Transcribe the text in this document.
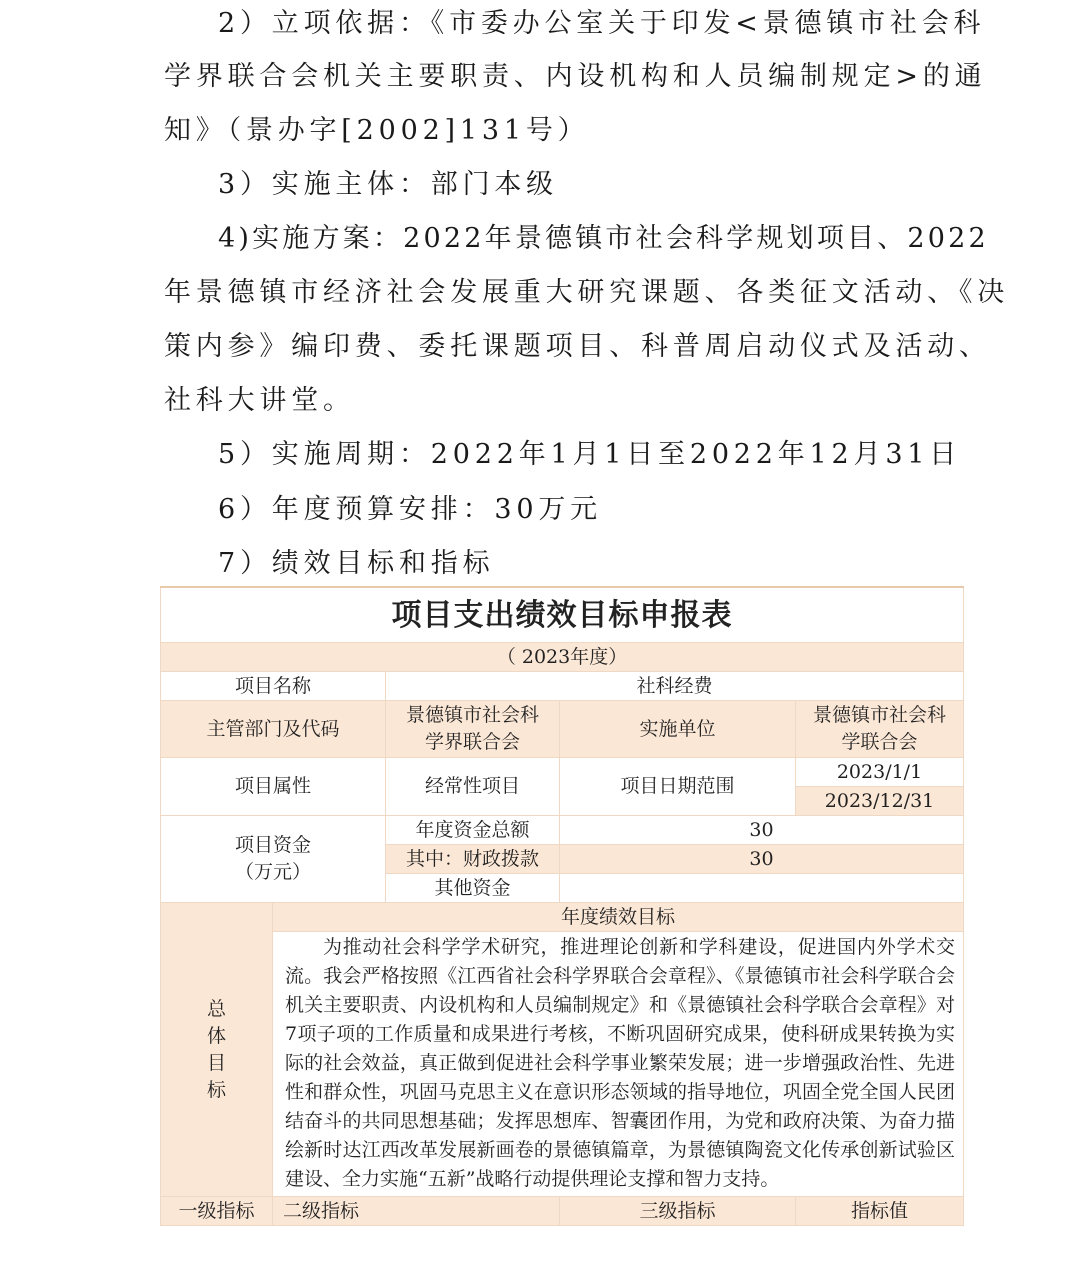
2）立项依据：《市委办公室关于印发<景德镇市社会科
学界联合会机关主要职责、内设机构和人员编制规定>的通
知》（景办字[2002]131号）
3）实施主体：部门本级
4)实施方案：2022年景德镇市社会科学规划项目、2022
年景德镇市经济社会发展重大研究课题、各类征文活动、《决
策内参》编印费、委托课题项目、科普周启动仪式及活动、
社科大讲堂。
5）实施周期：2022年1月1日至2022年12月31日
6）年度预算安排：30万元
7）绩效目标和指标
项目支出绩效目标申报表				
（ 2023年度）				
项目名称		社科经费		
主管部门及代码		景德镇市社会科学界联合会	实施单位	景德镇市社会科学联合会
项目属性		经常性项目	项目日期范围	2023/1/1
				2023/12/31

项目资金
（万元）		年度资金总额	30	
		其中：财政拨款	30	
		其他资金		

总体目标	年度绩效目标			

	为推动社会科学学术研究，推进理论创新和学科建设，促进国内外学术交流。我会严格按照《江西省社会科学界联合会章程》、《景德镇市社会科学联合会机关主要职责、内设机构和人员编制规定》和《景德镇社会科学联合会章程》对7项子项的工作质量和成果进行考核，不断巩固研究成果，使科研成果转换为实际的社会效益，真正做到促进社会科学事业繁荣发展；进一步增强政治性、先进性和群众性，巩固马克思主义在意识形态领域的指导地位，巩固全党全国人民团结奋斗的共同思想基础；发挥思想库、智囊团作用，为党和政府决策、为奋力描绘新时达江西改革发展新画卷的景德镇篇章，为景德镇陶瓷文化传承创新试验区建设、全力实施“五新”战略行动提供理论支撑和智力支持。			

一级指标	二级指标		三级指标	指标值
